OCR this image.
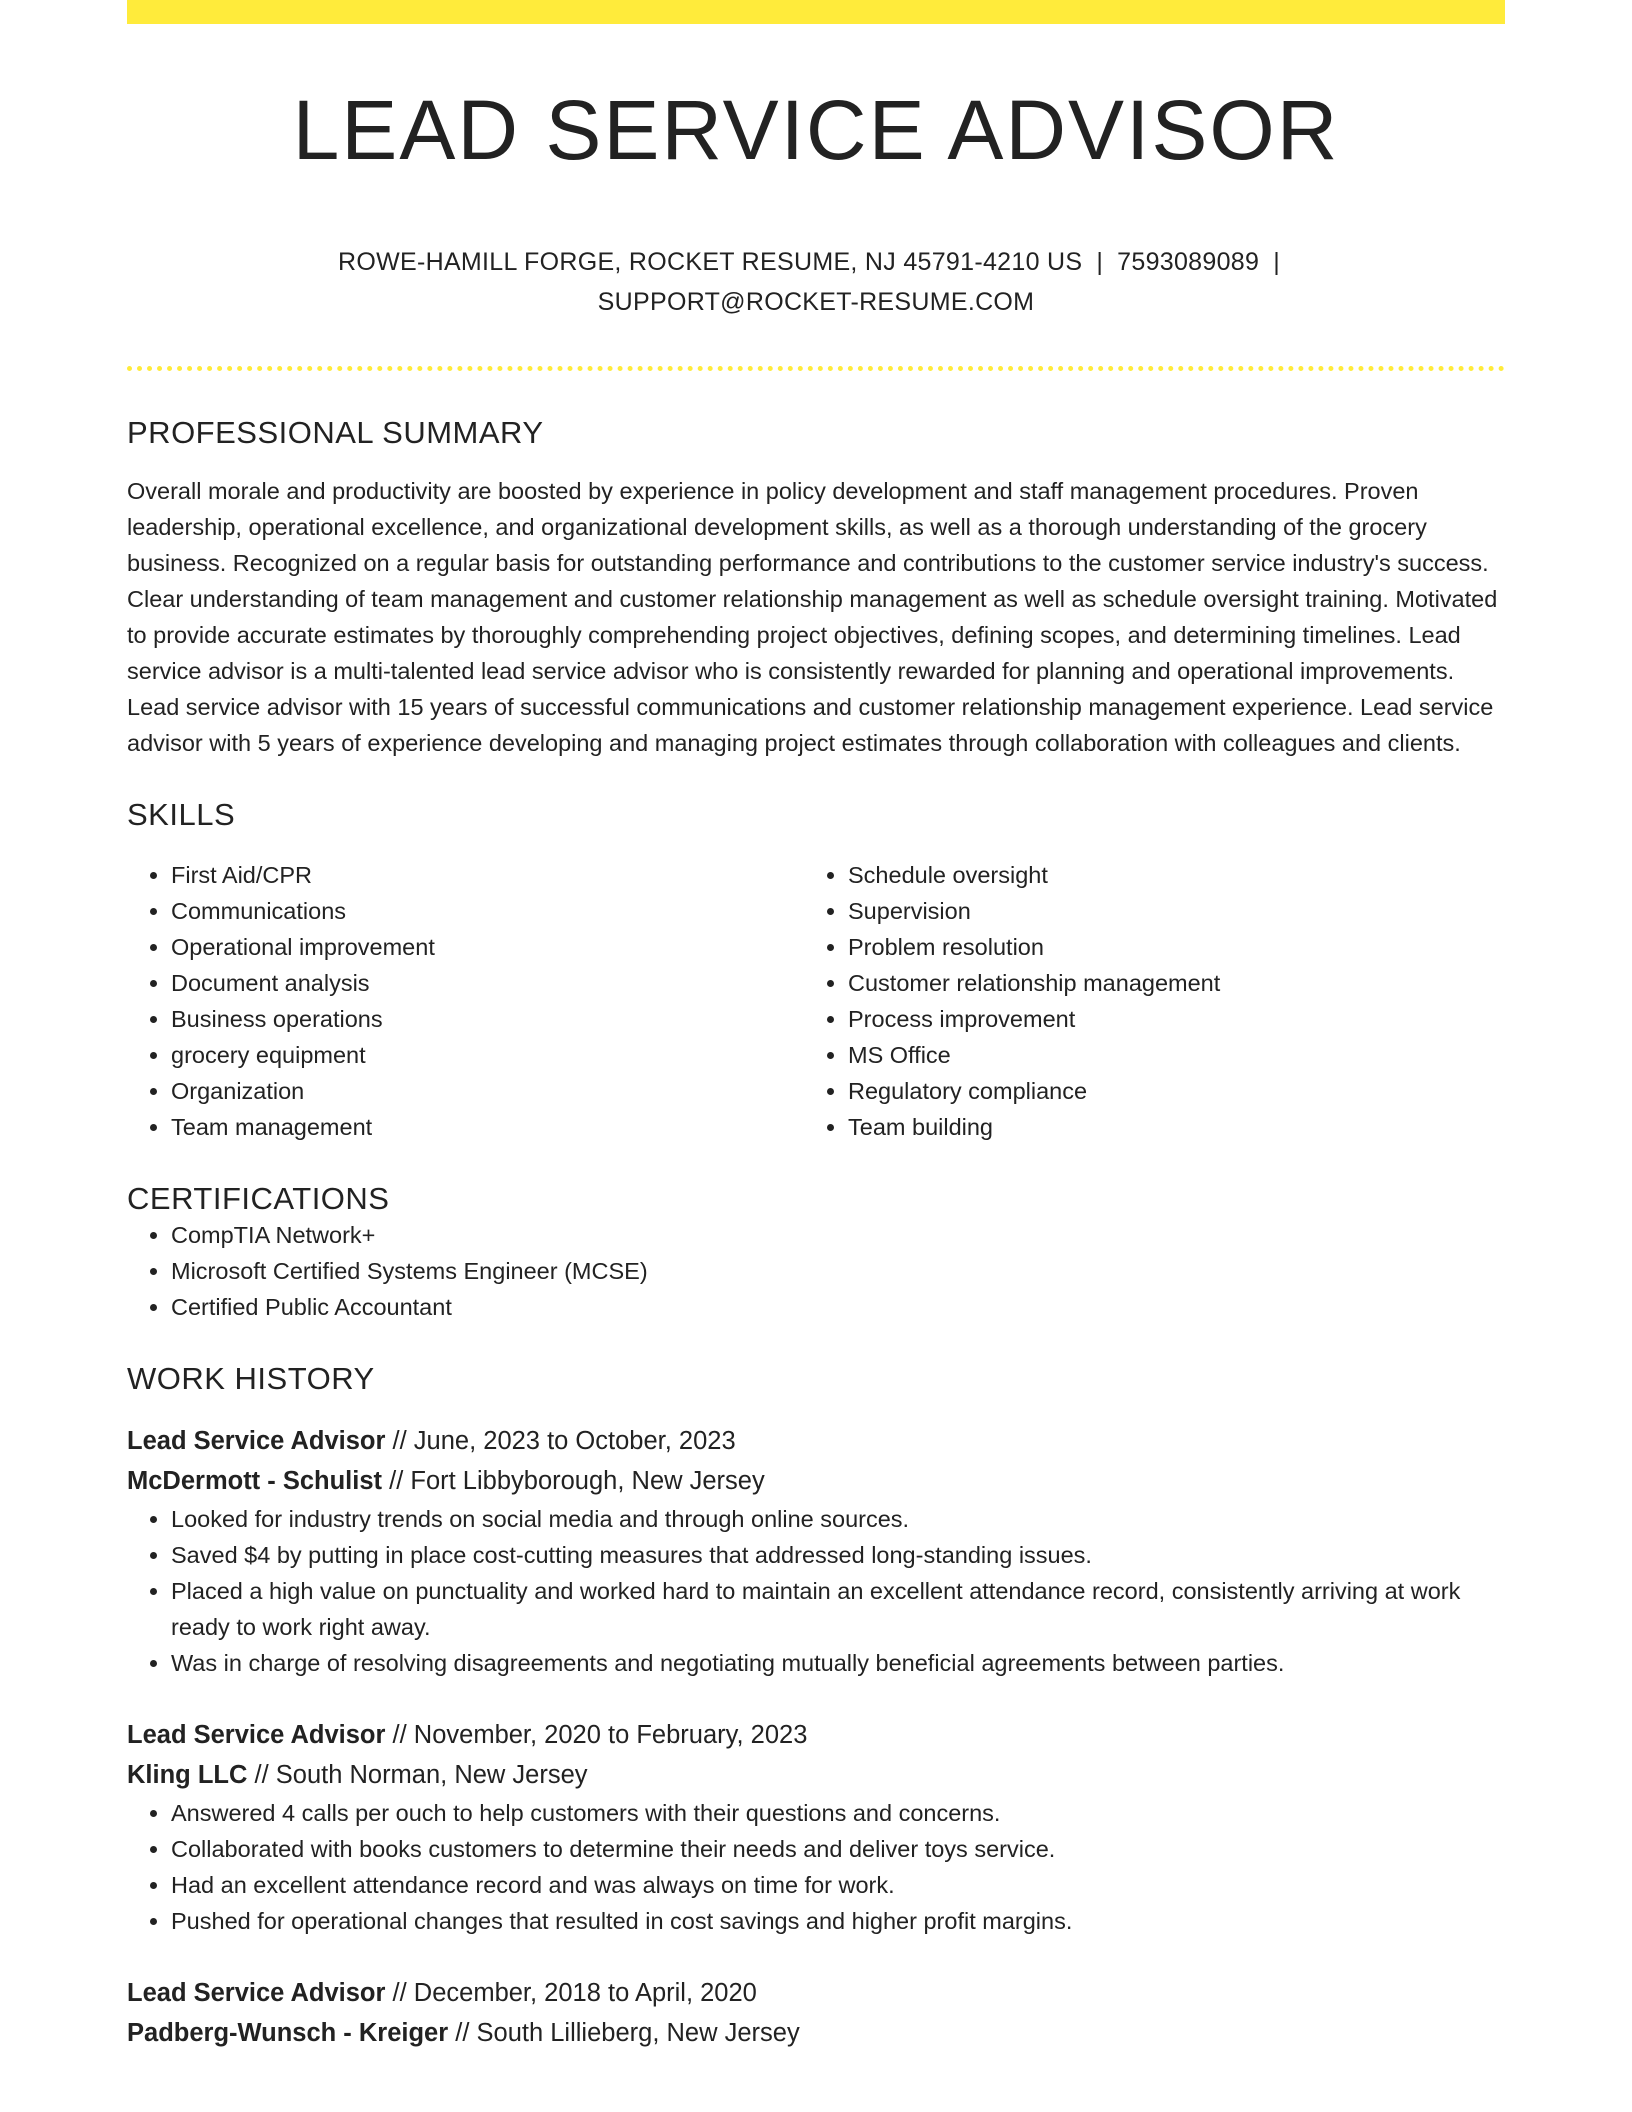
LEAD SERVICE ADVISOR
ROWE-HAMILL FORGE, ROCKET RESUME, NJ 45791-4210 US | 7593089089 |
SUPPORT@ROCKET-RESUME.COM
PROFESSIONAL SUMMARY
Overall morale and productivity are boosted by experience in policy development and staff management procedures. Proven leadership, operational excellence, and organizational development skills, as well as a thorough understanding of the grocery business. Recognized on a regular basis for outstanding performance and contributions to the customer service industry's success. Clear understanding of team management and customer relationship management as well as schedule oversight training. Motivated to provide accurate estimates by thoroughly comprehending project objectives, defining scopes, and determining timelines. Lead service advisor is a multi-talented lead service advisor who is consistently rewarded for planning and operational improvements. Lead service advisor with 15 years of successful communications and customer relationship management experience. Lead service advisor with 5 years of experience developing and managing project estimates through collaboration with colleagues and clients.
SKILLS
• First Aid/CPR
• Communications
• Operational improvement
• Document analysis
• Business operations
• grocery equipment
• Organization
• Team management
• Schedule oversight
• Supervision
• Problem resolution
• Customer relationship management
• Process improvement
• MS Office
• Regulatory compliance
• Team building
CERTIFICATIONS
• CompTIA Network+
• Microsoft Certified Systems Engineer (MCSE)
• Certified Public Accountant
WORK HISTORY
Lead Service Advisor // June, 2023 to October, 2023
McDermott - Schulist // Fort Libbyborough, New Jersey
• Looked for industry trends on social media and through online sources.
• Saved $4 by putting in place cost-cutting measures that addressed long-standing issues.
• Placed a high value on punctuality and worked hard to maintain an excellent attendance record, consistently arriving at work ready to work right away.
• Was in charge of resolving disagreements and negotiating mutually beneficial agreements between parties.
Lead Service Advisor // November, 2020 to February, 2023
Kling LLC // South Norman, New Jersey
• Answered 4 calls per ouch to help customers with their questions and concerns.
• Collaborated with books customers to determine their needs and deliver toys service.
• Had an excellent attendance record and was always on time for work.
• Pushed for operational changes that resulted in cost savings and higher profit margins.
Lead Service Advisor // December, 2018 to April, 2020
Padberg-Wunsch - Kreiger // South Lillieberg, New Jersey
